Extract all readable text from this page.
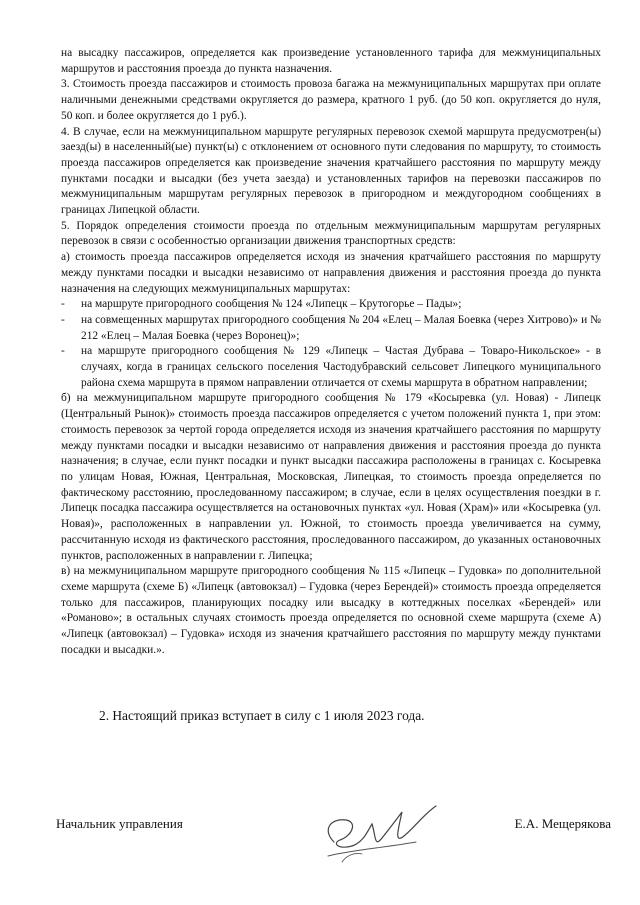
на высадку пассажиров, определяется как произведение установленного тарифа для межмуниципальных маршрутов и расстояния проезда до пункта назначения.

3. Стоимость проезда пассажиров и стоимость провоза багажа на межмуниципальных маршрутах при оплате наличными денежными средствами округляется до размера, кратного 1 руб. (до 50 коп. округляется до нуля, 50 коп. и более округляется до 1 руб.).

4. В случае, если на межмуниципальном маршруте регулярных перевозок схемой маршрута предусмотрен(ы) заезд(ы) в населенный(ые) пункт(ы) с отклонением от основного пути следования по маршруту, то стоимость проезда пассажиров определяется как произведение значения кратчайшего расстояния по маршруту между пунктами посадки и высадки (без учета заезда) и установленных тарифов на перевозки пассажиров по межмуниципальным маршрутам регулярных перевозок в пригородном и междугородном сообщениях в границах Липецкой области.

5. Порядок определения стоимости проезда по отдельным межмуниципальным маршрутам регулярных перевозок в связи с особенностью организации движения транспортных средств:

а) стоимость проезда пассажиров определяется исходя из значения кратчайшего расстояния по маршруту между пунктами посадки и высадки независимо от направления движения и расстояния проезда до пункта назначения на следующих межмуниципальных маршрутах:

-	на маршруте пригородного сообщения № 124 «Липецк – Крутогорье – Пады»;
-	на совмещенных маршрутах пригородного сообщения № 204 «Елец – Малая Боевка (через Хитрово)» и № 212 «Елец – Малая Боевка (через Воронец)»;
-	на маршруте пригородного сообщения № 129 «Липецк – Частая Дубрава – Товаро-Никольское» - в случаях, когда в границах сельского поселения Частодубравский сельсовет Липецкого муниципального района схема маршрута в прямом направлении отличается от схемы маршрута в обратном направлении;

б) на межмуниципальном маршруте пригородного сообщения № 179 «Косыревка (ул. Новая) - Липецк (Центральный Рынок)» стоимость проезда пассажиров определяется с учетом положений пункта 1, при этом: стоимость перевозок за чертой города определяется исходя из значения кратчайшего расстояния по маршруту между пунктами посадки и высадки независимо от направления движения и расстояния проезда до пункта назначения; в случае, если пункт посадки и пункт высадки пассажира расположены в границах с. Косыревка по улицам Новая, Южная, Центральная, Московская, Липецкая, то стоимость проезда определяется по фактическому расстоянию, проследованному пассажиром; в случае, если в целях осуществления поездки в г. Липецк посадка пассажира осуществляется на остановочных пунктах «ул. Новая (Храм)» или «Косыревка (ул. Новая)», расположенных в направлении ул. Южной, то стоимость проезда увеличивается на сумму, рассчитанную исходя из фактического расстояния, проследованного пассажиром, до указанных остановочных пунктов, расположенных в направлении г. Липецка;

в) на межмуниципальном маршруте пригородного сообщения № 115 «Липецк – Гудовка» по дополнительной схеме маршрута (схеме Б) «Липецк (автовокзал) – Гудовка (через Берендей)» стоимость проезда определяется только для пассажиров, планирующих посадку или высадку в коттеджных поселках «Берендей» или «Романово»; в остальных случаях стоимость проезда определяется по основной схеме маршрута (схеме А) «Липецк (автовокзал) – Гудовка» исходя из значения кратчайшего расстояния по маршруту между пунктами посадки и высадки.».

2. Настоящий приказ вступает в силу с 1 июля 2023 года.
Начальник управления	Е.А. Мещерякова
